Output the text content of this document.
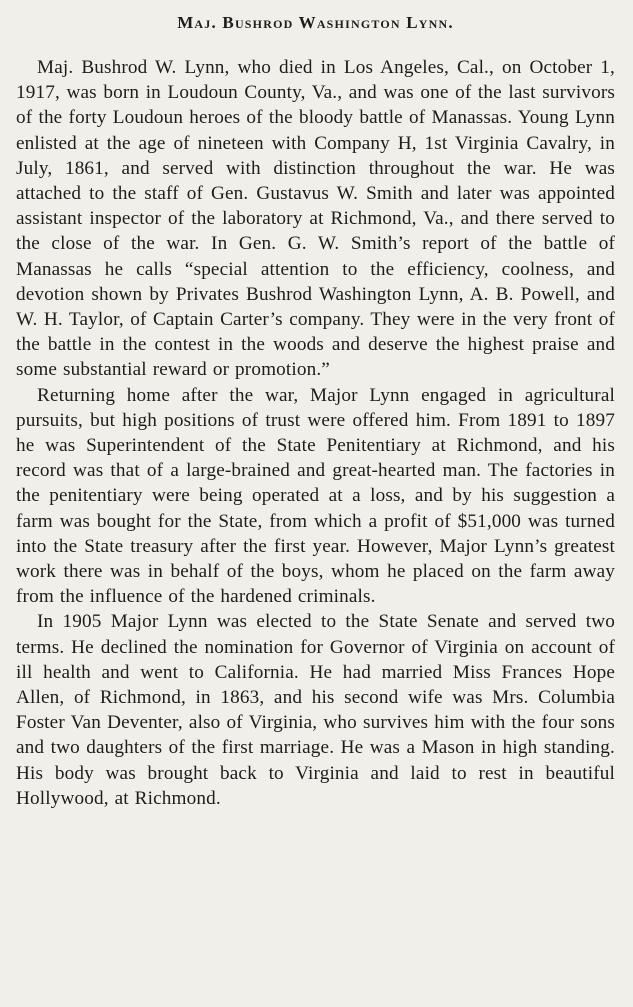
Maj. Bushrod Washington Lynn.

Maj. Bushrod W. Lynn, who died in Los Angeles, Cal., on October 1, 1917, was born in Loudoun County, Va., and was one of the last survivors of the forty Loudoun heroes of the bloody battle of Manassas. Young Lynn enlisted at the age of nineteen with Company H, 1st Virginia Cavalry, in July, 1861, and served with distinction throughout the war. He was attached to the staff of Gen. Gustavus W. Smith and later was appointed assistant inspector of the laboratory at Richmond, Va., and there served to the close of the war. In Gen. G. W. Smith’s report of the battle of Manassas he calls “special attention to the efficiency, coolness, and devotion shown by Privates Bushrod Washington Lynn, A. B. Powell, and W. H. Taylor, of Captain Carter’s company. They were in the very front of the battle in the contest in the woods and deserve the highest praise and some substantial reward or promotion.”

Returning home after the war, Major Lynn engaged in agricultural pursuits, but high positions of trust were offered him. From 1891 to 1897 he was Superintendent of the State Penitentiary at Richmond, and his record was that of a large-brained and great-hearted man. The factories in the penitentiary were being operated at a loss, and by his suggestion a farm was bought for the State, from which a profit of $51,000 was turned into the State treasury after the first year. However, Major Lynn’s greatest work there was in behalf of the boys, whom he placed on the farm away from the influence of the hardened criminals.

In 1905 Major Lynn was elected to the State Senate and served two terms. He declined the nomination for Governor of Virginia on account of ill health and went to California. He had married Miss Frances Hope Allen, of Richmond, in 1863, and his second wife was Mrs. Columbia Foster Van Deventer, also of Virginia, who survives him with the four sons and two daughters of the first marriage. He was a Mason in high standing. His body was brought back to Virginia and laid to rest in beautiful Hollywood, at Richmond.
